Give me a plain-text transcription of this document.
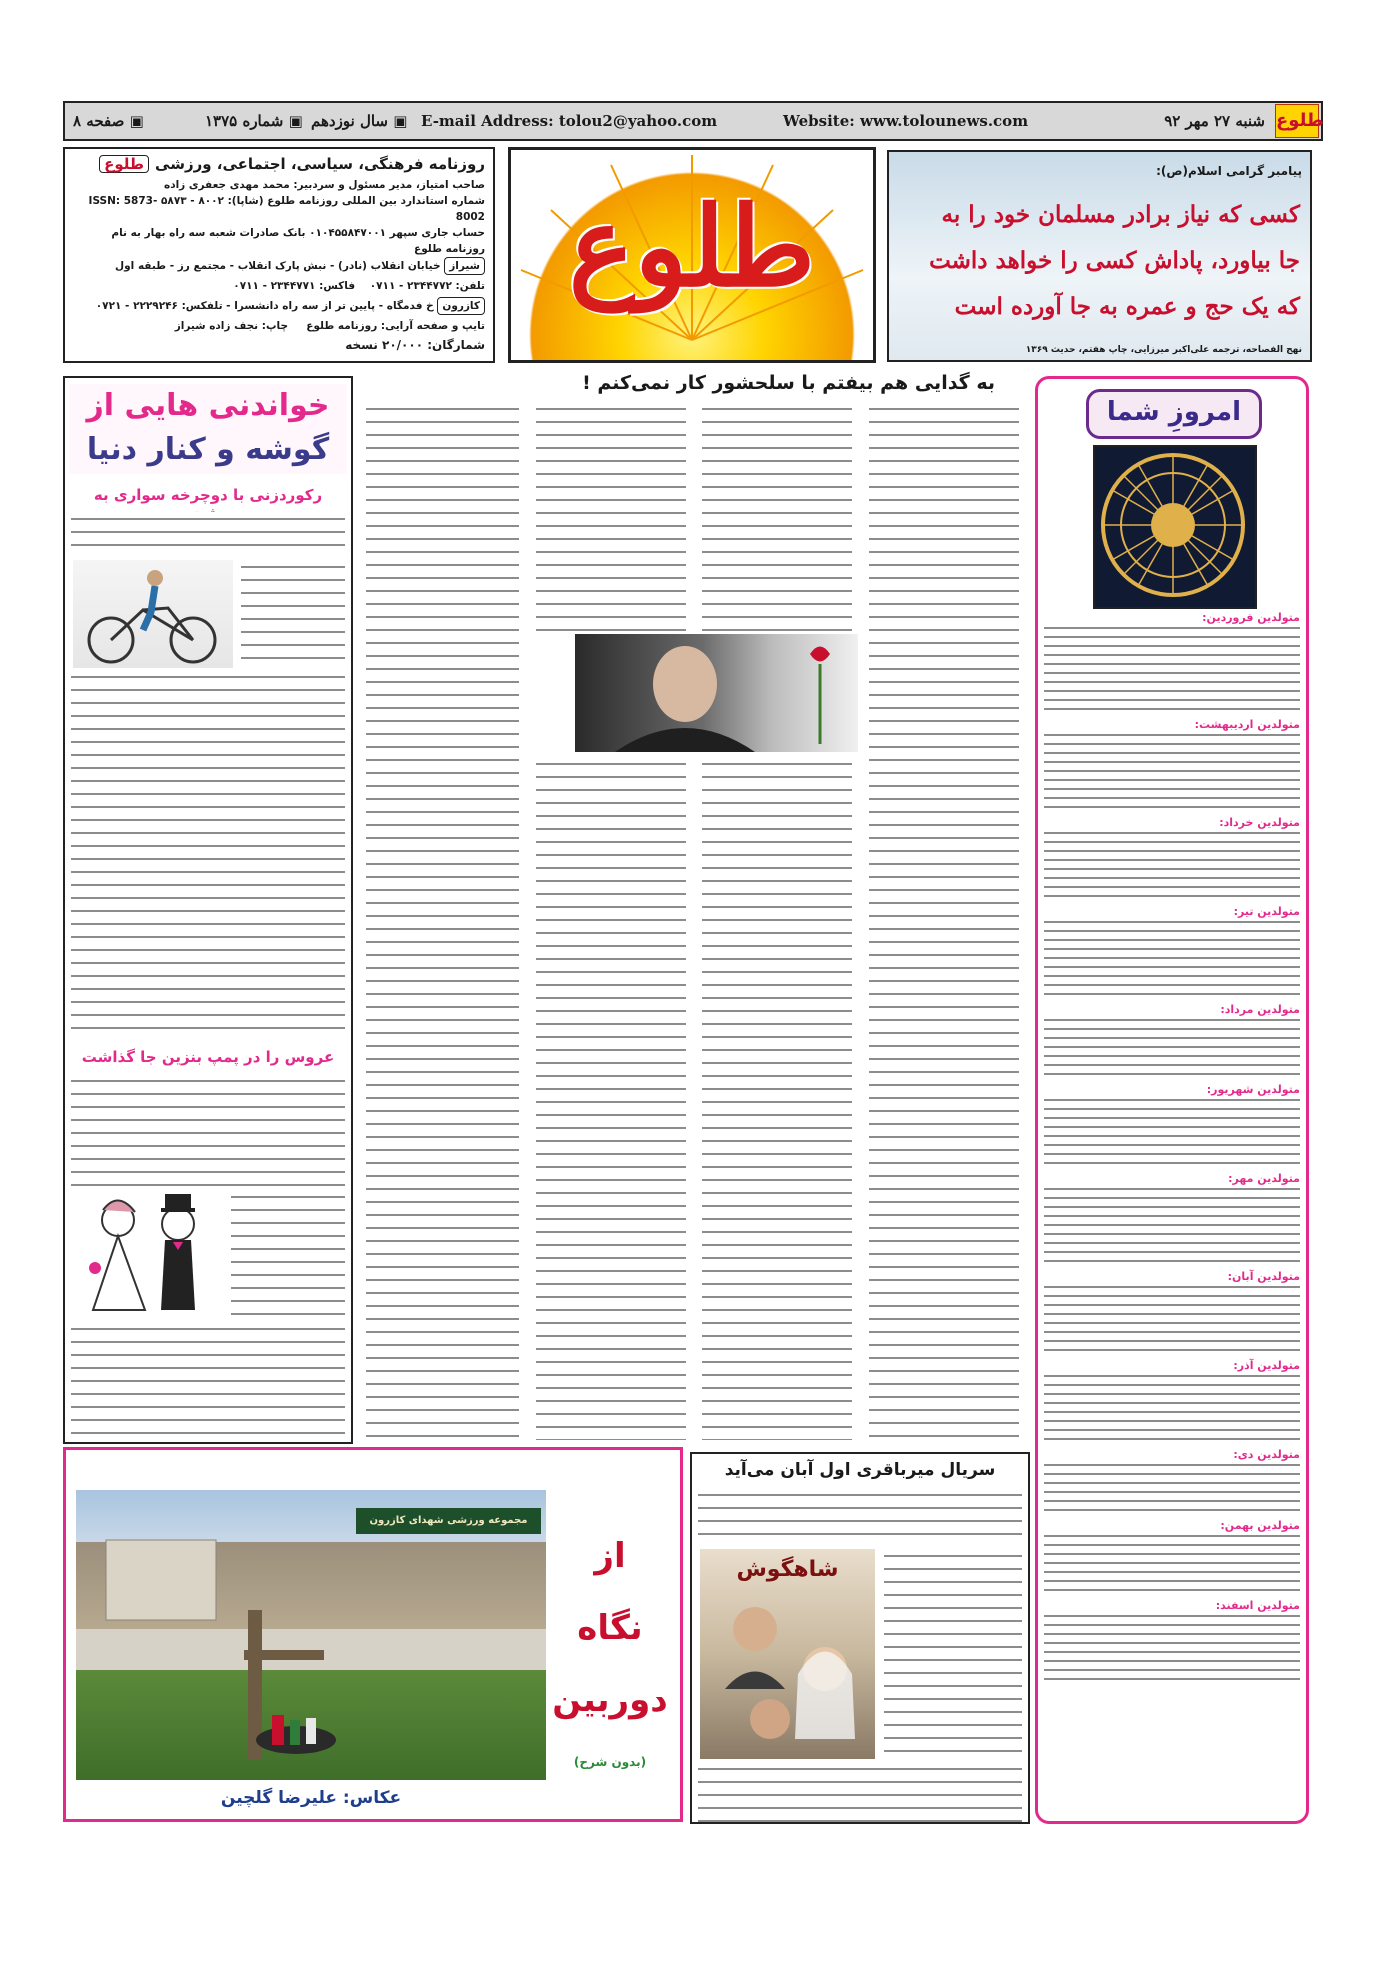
طلوع
شنبه ۲۷ مهر ۹۲
Website: www.tolounews.com
E-mail Address: tolou2@yahoo.com
▣ سال نوزدهم
▣ شماره ۱۳۷۵
▣ صفحه ۸
پیامبر گرامی اسلام(ص):
کسی که نیاز برادر مسلمان خود را به
جا بیاورد، پاداش کسی را خواهد داشت
که یک حج و عمره به جا آورده است
نهج الفصاحه، ترجمه علی‌اکبر میرزایی، چاپ هفتم، حدیث ۱۳۶۹
طلوع
طلوع روزنامه فرهنگی، سیاسی، اجتماعی، ورزشی
صاحب امتیاز، مدیر مسئول و سردبیر: محمد مهدی جعفری زاده
شماره استاندارد بین المللی روزنامه طلوع (شاپا): ۸۰۰۲ - ۵۸۷۳ ISSN: 5873-8002
حساب جاری سپهر ۰۱۰۴۵۵۸۴۷۰۰۱ بانک صادرات شعبه سه راه بهار به نام روزنامه طلوع
شیراز خیابان انقلاب (نادر) - نبش پارک انقلاب - مجتمع رز - طبقه اول
تلفن: ۲۳۴۴۷۷۲ - ۰۷۱۱    فاکس: ۲۳۴۴۷۷۱ - ۰۷۱۱
کازرون خ فدمگاه - پایین تر از سه راه دانشسرا - تلفکس: ۲۲۲۹۲۴۶ - ۰۷۲۱
تایپ و صفحه آرایی: روزنامه طلوع     چاپ: نجف زاده شیراز
شمارگان: ۲۰/۰۰۰ نسخه
به گدایی هم بیفتم با سلحشور کار نمی‌کنم !
امروزِ شما
متولدین فروردین:
متولدین اردیبهشت:
متولدین خرداد:
متولدین تیر:
متولدین مرداد:
متولدین شهریور:
متولدین مهر:
متولدین آبان:
متولدین آذر:
متولدین دی:
متولدین بهمن:
متولدین اسفند:
خواندنی هایی از
گوشه و کنار دنیا
رکوردزنی با دوچرخه سواری به
عروس را در پمپ بنزین جا گذاشت
مجموعه ورزشی شهدای کازرون
از
نگاه
دوربین
(بدون شرح)
عکاس: علیرضا گلچین
سریال میرباقری اول آبان می‌آید
شاهگوش
